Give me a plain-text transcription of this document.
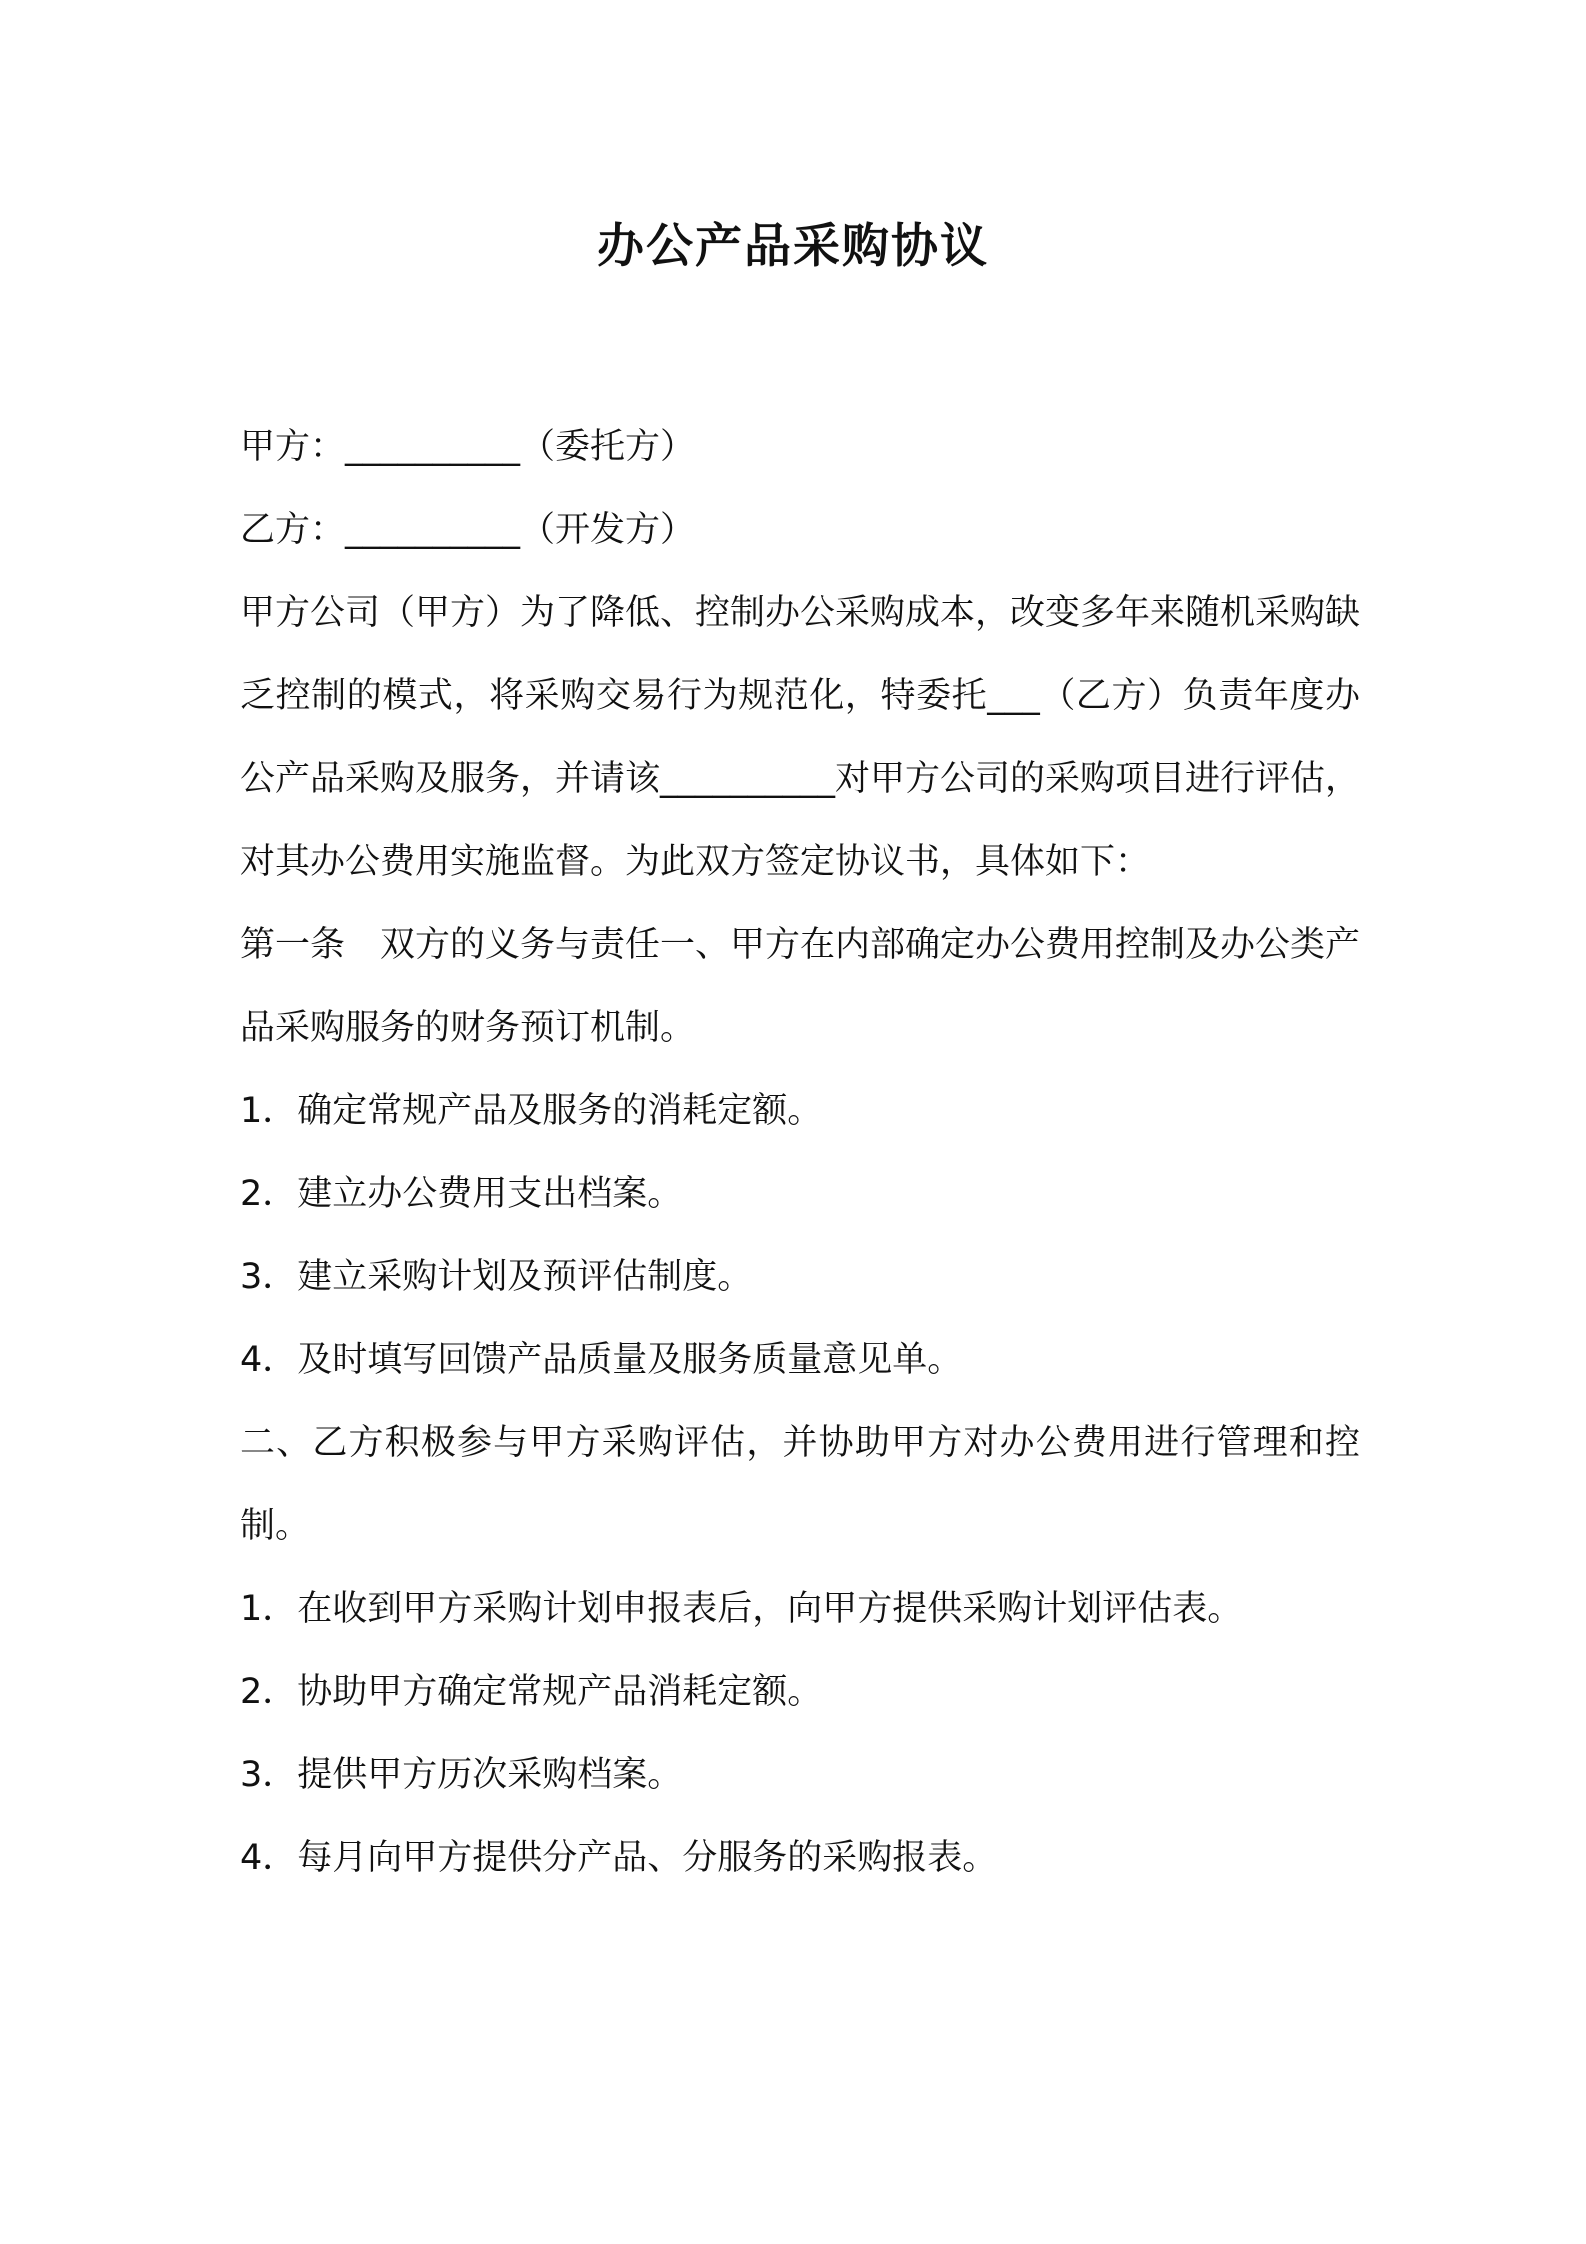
办公产品采购协议

甲方：__________（委托方）

乙方：__________（开发方）

甲方公司（甲方）为了降低、控制办公采购成本，改变多年来随机采购缺乏控制的模式，将采购交易行为规范化，特委托___（乙方）负责年度办公产品采购及服务，并请该__________对甲方公司的采购项目进行评估，对其办公费用实施监督。为此双方签定协议书，具体如下：

第一条　双方的义务与责任一、甲方在内部确定办公费用控制及办公类产品采购服务的财务预订机制。

1．确定常规产品及服务的消耗定额。

2．建立办公费用支出档案。

3．建立采购计划及预评估制度。

4．及时填写回馈产品质量及服务质量意见单。

二、乙方积极参与甲方采购评估，并协助甲方对办公费用进行管理和控制。

1．在收到甲方采购计划申报表后，向甲方提供采购计划评估表。

2．协助甲方确定常规产品消耗定额。

3．提供甲方历次采购档案。

4．每月向甲方提供分产品、分服务的采购报表。
